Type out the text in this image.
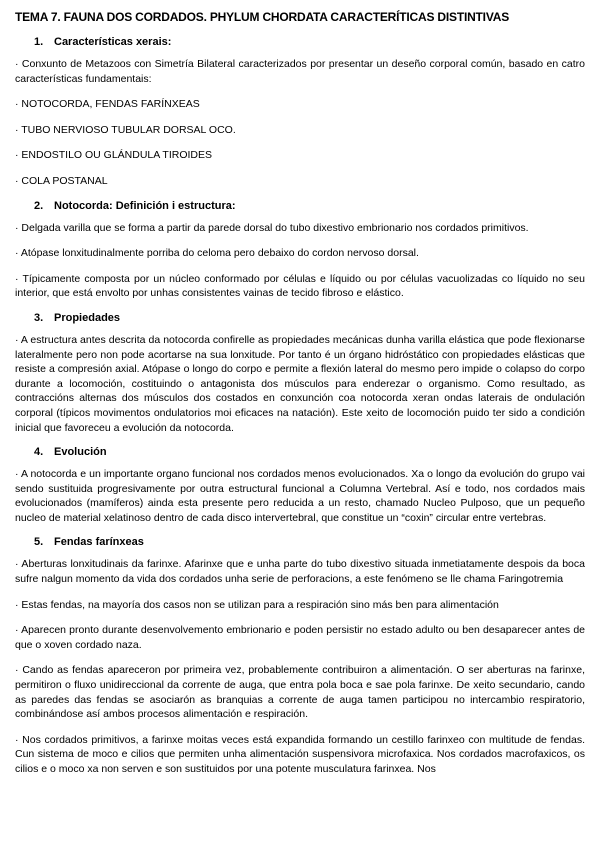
TEMA 7. FAUNA DOS CORDADOS. PHYLUM CHORDATA CARACTERÍTICAS DISTINTIVAS
1. Características xerais:

· Conxunto de Metazoos con Simetría Bilateral caracterizados por presentar un deseño corporal común, basado en catro características fundamentais:

· NOTOCORDA, FENDAS FARÍNXEAS

· TUBO NERVIOSO TUBULAR DORSAL OCO.

· ENDOSTILO OU GLÁNDULA TIROIDES

· COLA POSTANAL

2. Notocorda: Definición i estructura:

· Delgada varilla que se forma a partir da parede dorsal do tubo dixestivo embrionario nos cordados primitivos.

· Atópase lonxitudinalmente porriba do celoma pero debaixo do cordon nervoso dorsal.

· Típicamente composta por un núcleo conformado por células e líquido ou por células vacuolizadas co líquido no seu interior, que está envolto por unhas consistentes vainas de tecido fibroso e elástico.

3. Propiedades

· A estructura antes descrita da notocorda confirelle as propiedades mecánicas dunha varilla elástica que pode flexionarse lateralmente pero non pode acortarse na sua lonxitude. Por tanto é un órgano hidróstático con propiedades elásticas que resiste a compresión axial. Atópase o longo do corpo e permite a flexión lateral do mesmo pero impide o colapso do corpo durante a locomoción, costituindo o antagonista dos músculos para enderezar o organismo. Como resultado, as contraccións alternas dos músculos dos costados en conxunción coa notocorda xeran ondas laterais de ondulación corporal (típicos movimentos ondulatorios moi eficaces na natación). Este xeito de locomoción puido ter sido a condición inicial que favoreceu a evolución da notocorda.

4. Evolución

· A notocorda e un importante organo funcional nos cordados menos evolucionados. Xa o longo da evolución do grupo vai sendo sustituida progresivamente por outra estructural funcional a Columna Vertebral. Así e todo, nos cordados mais evolucionados (mamíferos) ainda esta presente pero reducida a un resto, chamado Nucleo Pulposo, que un pequeño nucleo de material xelatinoso dentro de cada disco intervertebral, que constitue un “coxin” circular entre vertebras.

5. Fendas farínxeas

· Aberturas lonxitudinais da farinxe. Afarinxe que e unha parte do tubo dixestivo situada inmetiatamente despois da boca sufre nalgun momento da vida dos cordados unha serie de perforacions, a este fenómeno se lle chama Faringotremia

· Estas fendas, na mayoría dos casos non se utilizan para a respiración sino más ben para alimentación

· Aparecen pronto durante desenvolvemento embrionario e poden persistir no estado adulto ou ben desaparecer antes de que o xoven cordado naza.

· Cando as fendas apareceron por primeira vez, probablemente contribuiron a alimentación. O ser aberturas na farinxe, permitiron o fluxo unidireccional da corrente de auga, que entra pola boca e sae pola farinxe. De xeito secundario, cando as paredes das fendas se asociarón as branquias a corrente de auga tamen participou no intercambio respiratorio, combinándose así ambos procesos alimentación e respiración.

· Nos cordados primitivos, a farinxe moitas veces está expandida formando un cestillo farinxeo con multitude de fendas. Cun sistema de moco e cilios que permiten unha alimentación suspensivora microfaxica. Nos cordados macrofaxicos, os cilios e o moco xa non serven e son sustituidos por una potente musculatura farinxea. Nos
